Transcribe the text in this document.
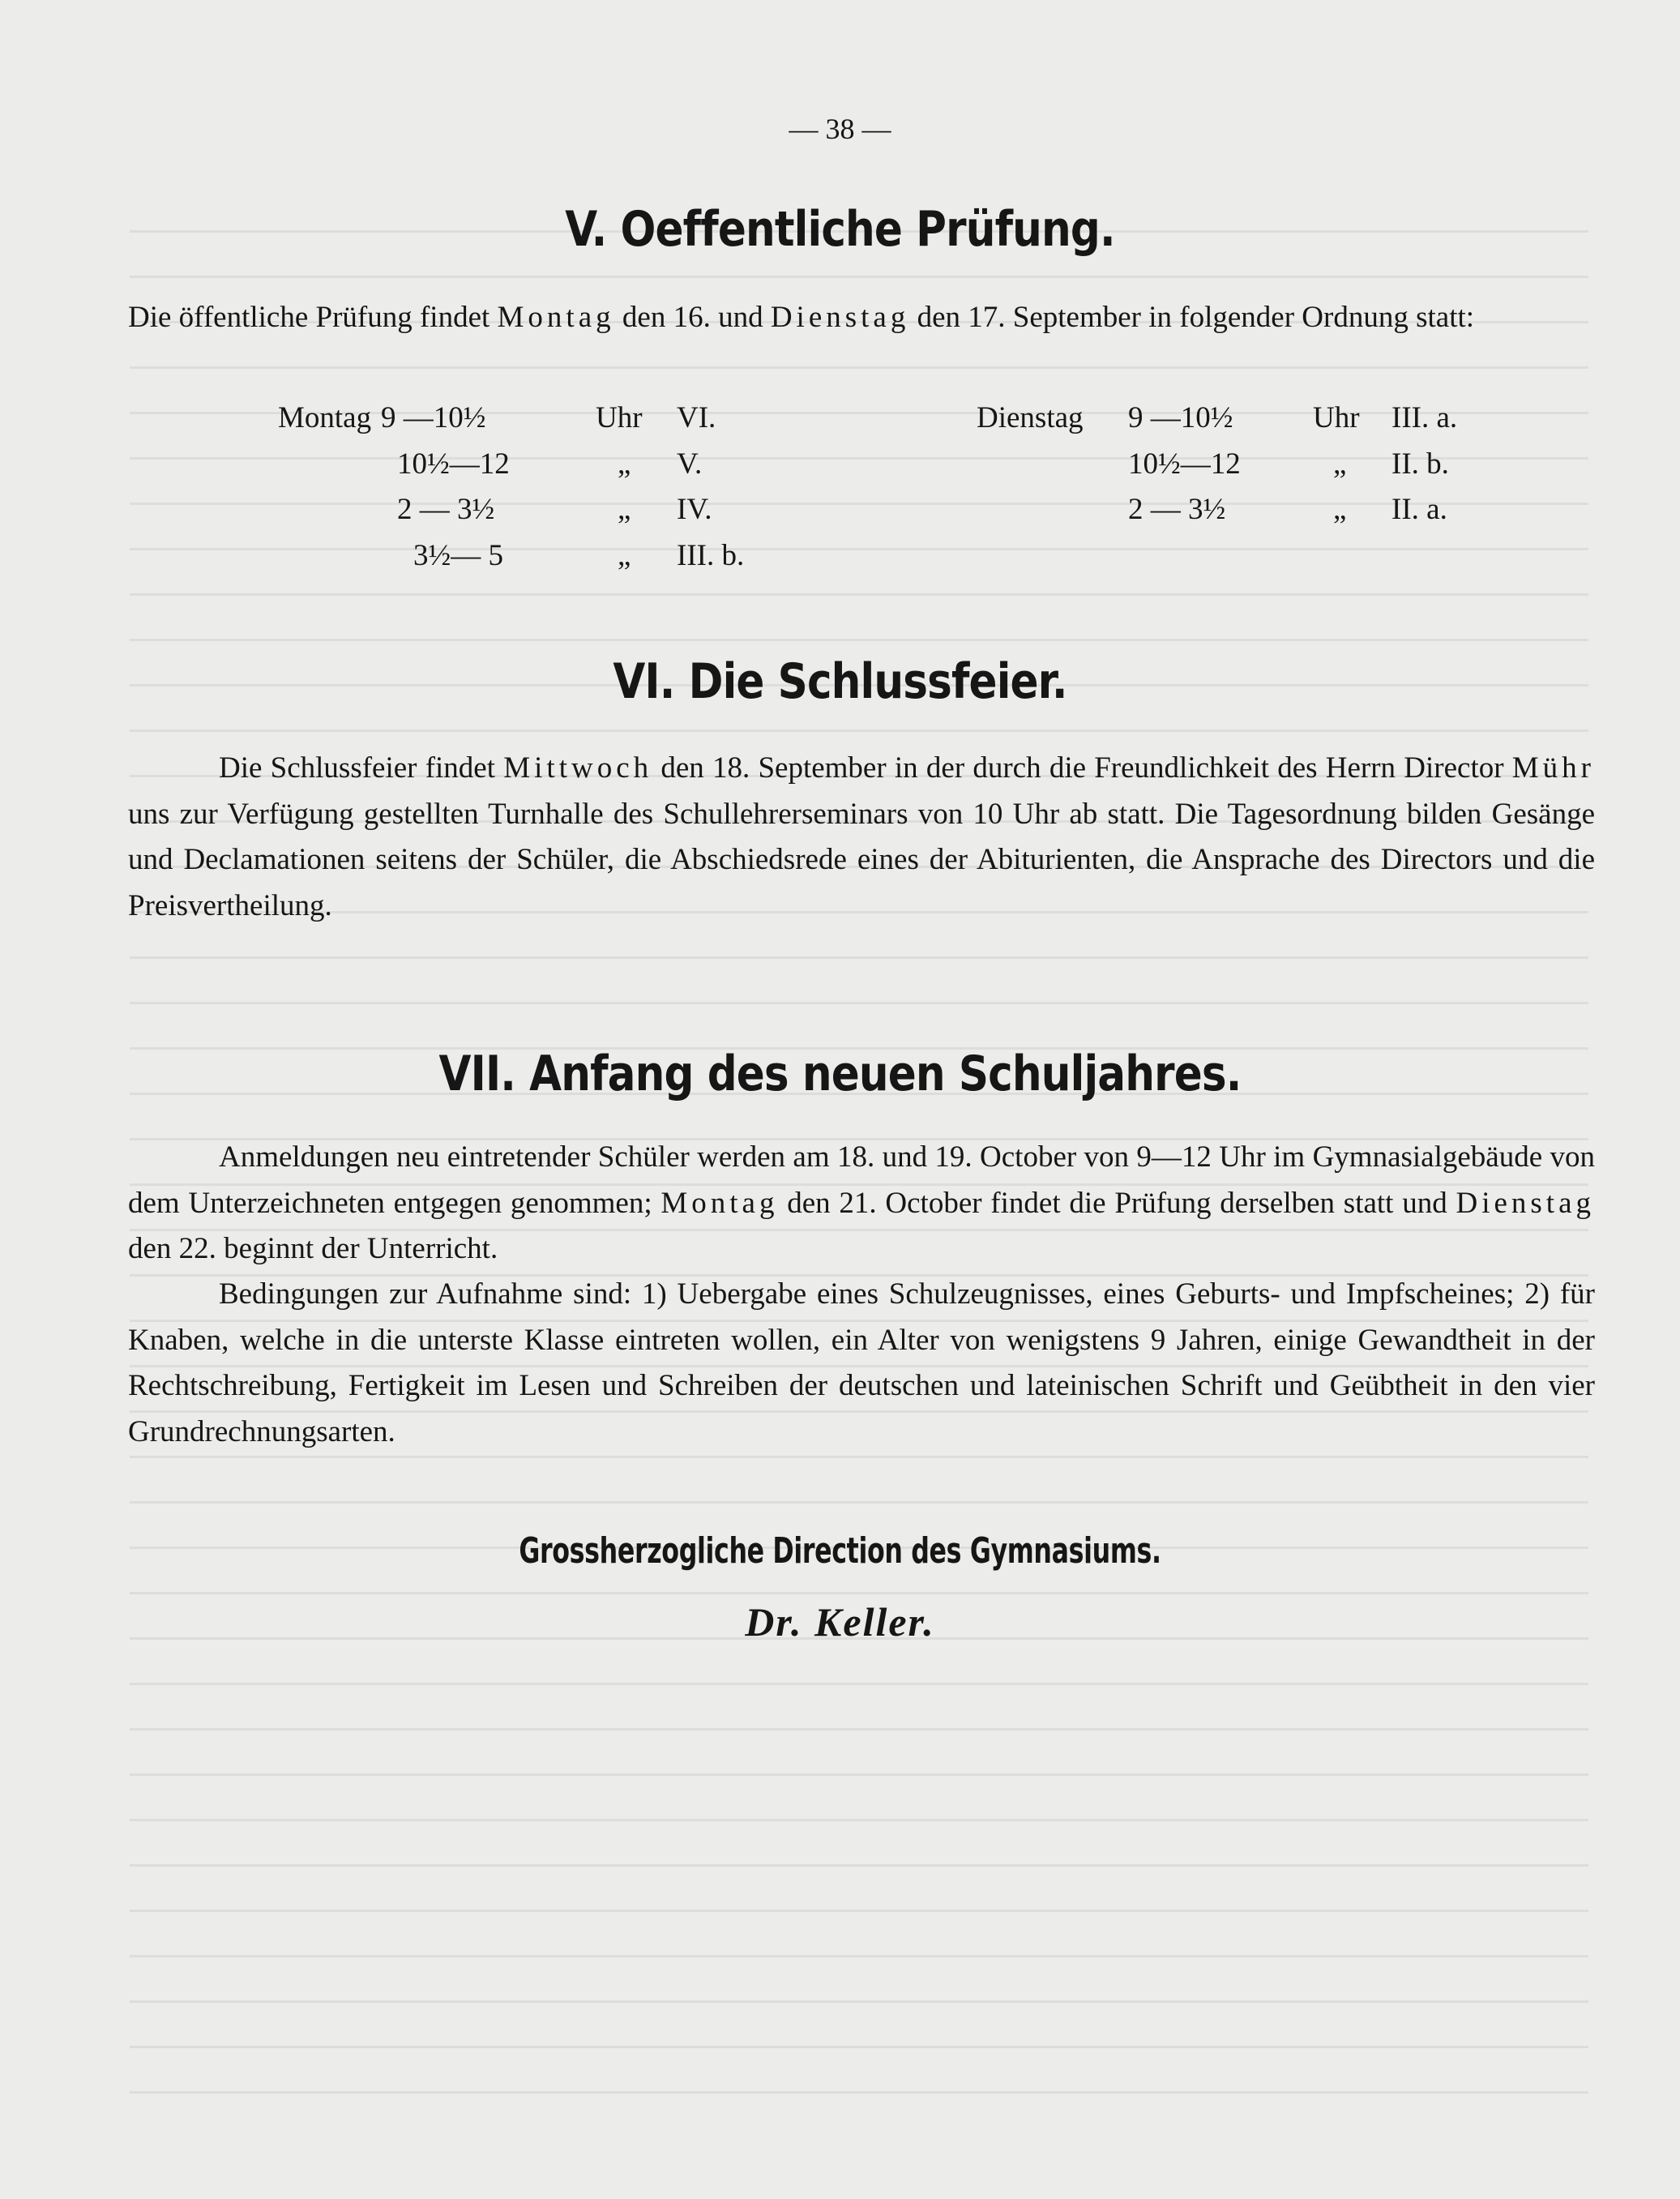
— 38 —
V. Oeffentliche Prüfung.

Die öffentliche Prüfung findet Montag den 16. und Dienstag den 17. September in folgender Ordnung statt:

Montag 9 —10½	Uhr VI.	Dienstag 9 —10½	Uhr III. a.
10½—12	„ V.	10½—12	„ II. b.
2 — 3½	„ IV.	2 — 3½	„ II. a.
3½— 5	„ III. b.
VI. Die Schlussfeier.

Die Schlussfeier findet Mittwoch den 18. September in der durch die Freundlichkeit des Herrn Director Mühr uns zur Verfügung gestellten Turnhalle des Schullehrerseminars von 10 Uhr ab statt. Die Tagesordnung bilden Gesänge und Declamationen seitens der Schüler, die Abschiedsrede eines der Abiturienten, die Ansprache des Directors und die Preisvertheilung.

VII. Anfang des neuen Schuljahres.

Anmeldungen neu eintretender Schüler werden am 18. und 19. October von 9—12 Uhr im Gymnasialgebäude von dem Unterzeichneten entgegen genommen; Montag den 21. October findet die Prüfung derselben statt und Dienstag den 22. beginnt der Unterricht.

Bedingungen zur Aufnahme sind: 1) Uebergabe eines Schulzeugnisses, eines Geburts- und Impfscheines; 2) für Knaben, welche in die unterste Klasse eintreten wollen, ein Alter von wenigstens 9 Jahren, einige Gewandtheit in der Rechtschreibung, Fertigkeit im Lesen und Schreiben der deutschen und lateinischen Schrift und Geübtheit in den vier Grundrechnungsarten.

Grossherzogliche Direction des Gymnasiums.
Dr. Keller.
